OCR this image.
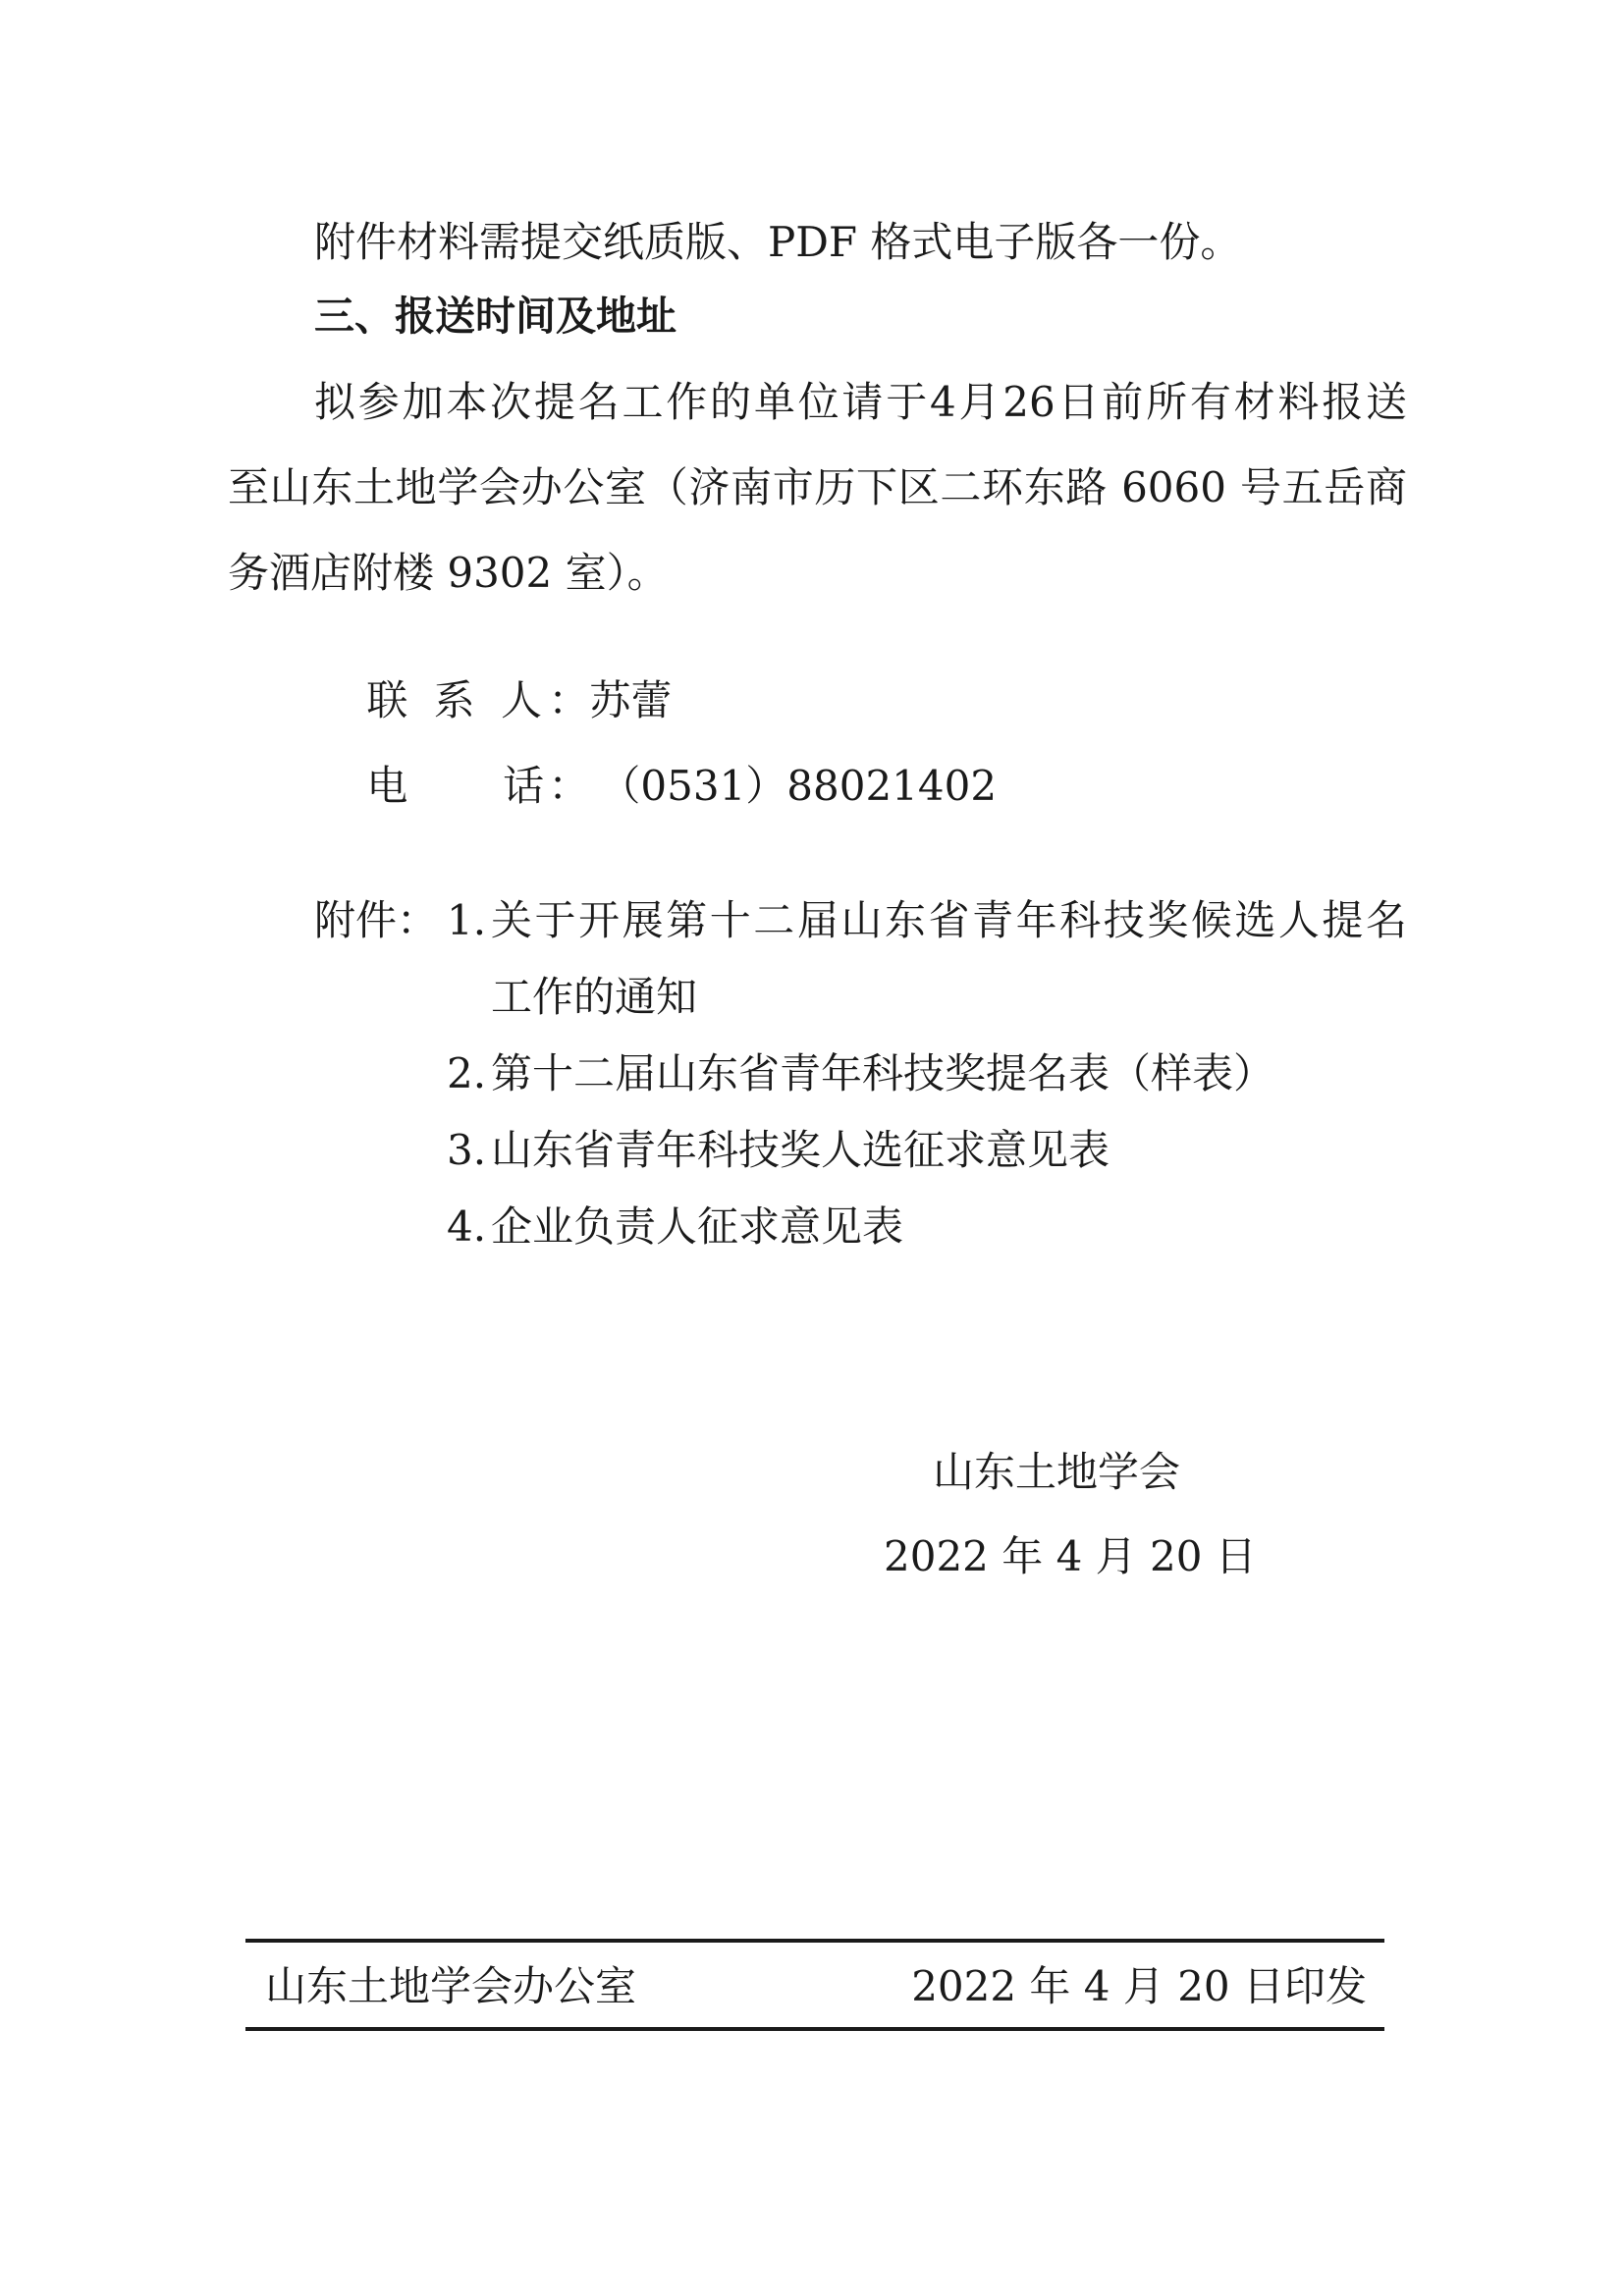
附件材料需提交纸质版、PDF 格式电子版各一份。
三、报送时间及地址
拟参加本次提名工作的单位请于4月26日前所有材料报送
至山东土地学会办公室（济南市历下区二环东路 6060 号五岳商
务酒店附楼 9302 室）。

联 系 人：苏蕾

电　　话： （0531）88021402

附件： 1. 关于开展第十二届山东省青年科技奖候选人提名
工作的通知
2. 第十二届山东省青年科技奖提名表（样表）
3. 山东省青年科技奖人选征求意见表
4. 企业负责人征求意见表
山东土地学会
2022 年 4 月 20 日
山东土地学会办公室	2022 年 4 月 20 日印发
